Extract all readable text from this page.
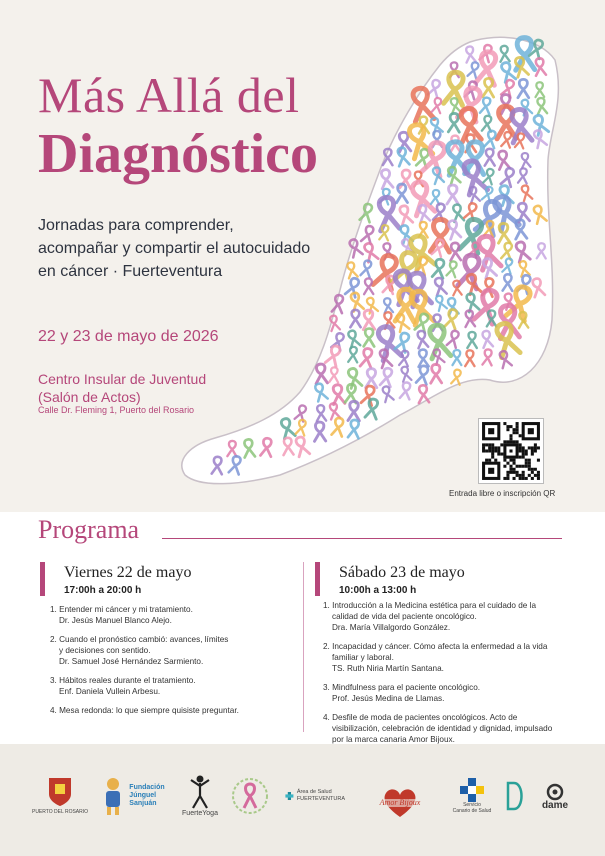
Más Allá del
Diagnóstico
Jornadas para comprender,
acompañar y compartir el autocuidado
en cáncer · Fuerteventura
22 y 23 de mayo de 2026
Centro Insular de Juventud
(Salón de Actos)
Calle Dr. Fleming 1, Puerto del Rosario
Entrada libre o inscripción QR
Programa
Viernes 22 de mayo
17:00h a 20:00 h
1. Entender mi cáncer y mi tratamiento.
Dr. Jesús Manuel Blanco Alejo.
2. Cuando el pronóstico cambió: avances, límites
y decisiones con sentido.
Dr. Samuel José Hernández Sarmiento.
3. Hábitos reales durante el tratamiento.
Enf. Daniela Vullein Arbesu.
4. Mesa redonda: lo que siempre quisiste preguntar.
Sábado 23 de mayo
10:00h a 13:00 h
1. Introducción a la Medicina estética para el cuidado de la
calidad de vida del paciente oncológico.
Dra. María Villalgordo González.
2. Incapacidad y cáncer. Cómo afecta la enfermedad a la vida
familiar y laboral.
TS. Ruth Niria Martín Santana.
3. Mindfulness para el paciente oncológico.
Prof. Jesús Medina de Llamas.
4. Desfile de moda de pacientes oncológicos. Acto de
visibilización, celebración de identidad y dignidad, impulsado
por la marca canaria Amor Bijoux.
PUERTO DEL ROSARIO
Fundación
Júnguel
Sanjuán
FuerteYoga
Área de Salud
FUERTEVENTURA	Amor Bijoux	Servicio
Canario de Salud	dame
